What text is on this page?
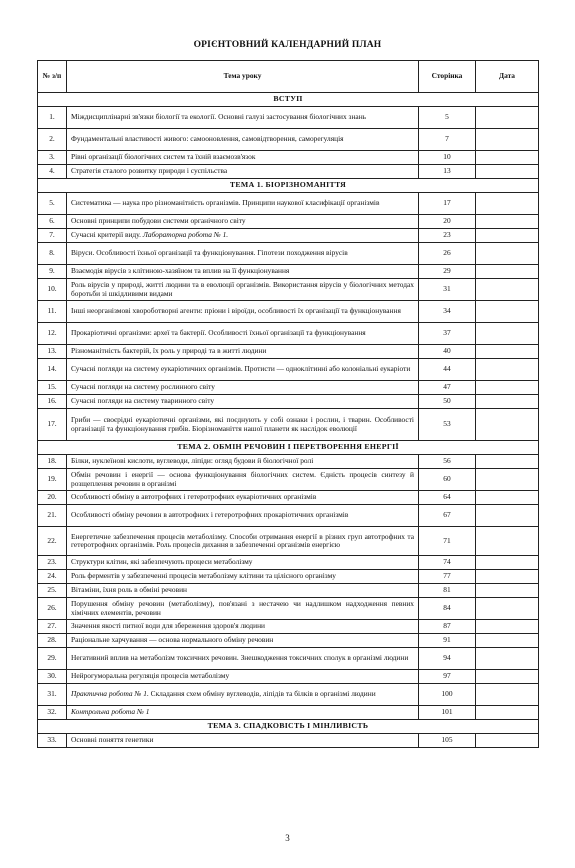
ОРІЄНТОВНИЙ КАЛЕНДАРНИЙ ПЛАН
№ з/п	Тема уроку	Сторінка	Дата
ВСТУП			
1.	Міждисциплінарні зв'язки біології та екології. Основні галузі застосування біологічних знань	5	
2.	Фундаментальні властивості живого: самооновлення, самовідтворення, саморегуляція	7	
3.	Рівні організації біологічних систем та їхній взаємозв'язок	10	
4.	Стратегія сталого розвитку природи і суспільства	13	
ТЕМА 1. БІОРІЗНОМАНІТТЯ			
5.	Систематика — наука про різноманітність організмів. Принципи наукової класифікації організмів	17	
6.	Основні принципи побудови системи органічного світу	20	
7.	Сучасні критерії виду. Лабораторна робота № 1.	23	
8.	Віруси. Особливості їхньої організації та функціонування. Гіпотези походження вірусів	26	
9.	Взаємодія вірусів з клітиною-хазяїном та вплив на її функціонування	29	
10.	Роль вірусів у природі, житті людини та в еволюції організмів. Використання вірусів у біологічних методах боротьби зі шкідливими видами	31	
11.	Інші неорганізмові хвороботворні агенти: пріони і віроїди, особливості їх організації та функціонування	34	
12.	Прокаріотичні організми: археї та бактерії. Особливості їхньої організації та функціонування	37	
13.	Різноманітність бактерій, їх роль у природі та в житті людини	40	
14.	Сучасні погляди на систему еукаріотичних організмів. Протисти — одноклітинні або колоніальні еукаріоти	44	
15.	Сучасні погляди на систему рослинного світу	47	
16.	Сучасні погляди на систему тваринного світу	50	
17.	Гриби — своєрідні еукаріотичні організми, які поєднують у собі ознаки і рослин, і тварин. Особливості організації та функціонування грибів. Біорізноманіття нашої планети як наслідок еволюції	53	
ТЕМА 2. ОБМІН РЕЧОВИН І ПЕРЕТВОРЕННЯ ЕНЕРГІЇ			
18.	Білки, нуклеїнові кислоти, вуглеводи, ліпіди: огляд будови й біологічної ролі	56	
19.	Обмін речовин і енергії — основа функціонування біологічних систем. Єдність процесів синтезу й розщеплення речовин в організмі	60	
20.	Особливості обміну в автотрофних і гетеротрофних еукаріотичних організмів	64	
21.	Особливості обміну речовин в автотрофних і гетеротрофних прокаріотичних організмів	67	
22.	Енергетичне забезпечення процесів метаболізму. Способи отримання енергії в різних груп автотрофних та гетеротрофних організмів. Роль процесів дихання в забезпеченні організмів енергією	71	
23.	Структури клітин, які забезпечують процеси метаболізму	74	
24.	Роль ферментів у забезпеченні процесів метаболізму клітини та цілісного організму	77	
25.	Вітаміни, їхня роль в обміні речовин	81	
26.	Порушення обміну речовин (метаболізму), пов'язані з нестачею чи надлишком надходження певних хімічних елементів, речовин	84	
27.	Значення якості питної води для збереження здоров'я людини	87	
28.	Раціональне харчування — основа нормального обміну речовин	91	
29.	Негативний вплив на метаболізм токсичних речовин. Знешкодження токсичних сполук в організмі людини	94	
30.	Нейрогуморальна регуляція процесів метаболізму	97	
31.	Практична робота № 1. Складання схем обміну вуглеводів, ліпідів та білків в організмі людини	100	
32.	Контрольна робота № 1	101	
ТЕМА 3. СПАДКОВІСТЬ І МІНЛИВІСТЬ			
33.	Основні поняття генетики	105	
3
